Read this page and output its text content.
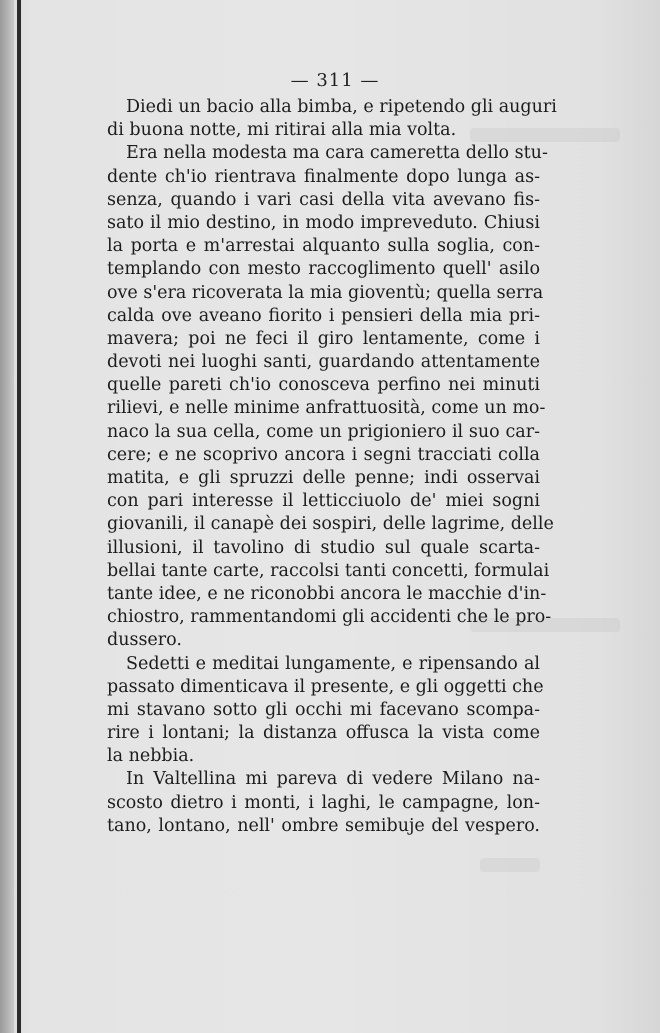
— 311 —
Diedi un bacio alla bimba, e ripetendo gli auguri
di buona notte, mi ritirai alla mia volta.
Era nella modesta ma cara cameretta dello stu-
dente ch'io rientrava finalmente dopo lunga as-
senza, quando i vari casi della vita avevano fis-
sato il mio destino, in modo impreveduto. Chiusi
la porta e m'arrestai alquanto sulla soglia, con-
templando con mesto raccoglimento quell' asilo
ove s'era ricoverata la mia gioventù; quella serra
calda ove aveano fiorito i pensieri della mia pri-
mavera; poi ne feci il giro lentamente, come i
devoti nei luoghi santi, guardando attentamente
quelle pareti ch'io conosceva perfino nei minuti
rilievi, e nelle minime anfrattuosità, come un mo-
naco la sua cella, come un prigioniero il suo car-
cere; e ne scoprivo ancora i segni tracciati colla
matita, e gli spruzzi delle penne; indi osservai
con pari interesse il letticciuolo de' miei sogni
giovanili, il canapè dei sospiri, delle lagrime, delle
illusioni, il tavolino di studio sul quale scarta-
bellai tante carte, raccolsi tanti concetti, formulai
tante idee, e ne riconobbi ancora le macchie d'in-
chiostro, rammentandomi gli accidenti che le pro-
dussero.
Sedetti e meditai lungamente, e ripensando al
passato dimenticava il presente, e gli oggetti che
mi stavano sotto gli occhi mi facevano scompa-
rire i lontani; la distanza offusca la vista come
la nebbia.
In Valtellina mi pareva di vedere Milano na-
scosto dietro i monti, i laghi, le campagne, lon-
tano, lontano, nell' ombre semibuje del vespero.
